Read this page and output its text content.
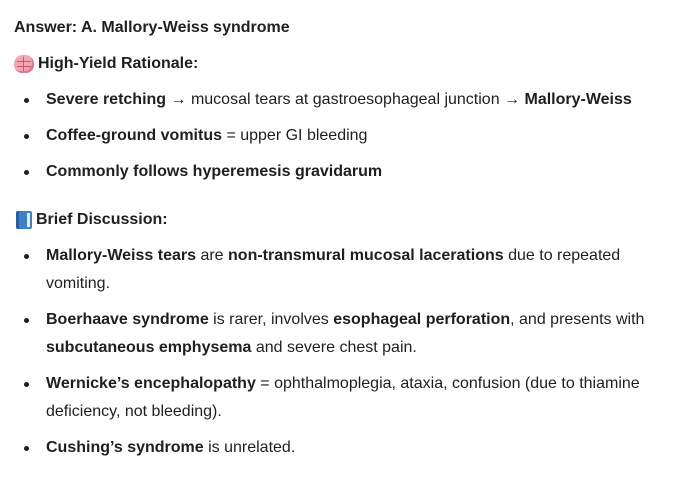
Answer: A. Mallory-Weiss syndrome
High-Yield Rationale:
Severe retching → mucosal tears at gastroesophageal junction → Mallory-Weiss
Coffee-ground vomitus = upper GI bleeding
Commonly follows hyperemesis gravidarum
Brief Discussion:
Mallory-Weiss tears are non-transmural mucosal lacerations due to repeated vomiting.
Boerhaave syndrome is rarer, involves esophageal perforation, and presents with subcutaneous emphysema and severe chest pain.
Wernicke’s encephalopathy = ophthalmoplegia, ataxia, confusion (due to thiamine deficiency, not bleeding).
Cushing’s syndrome is unrelated.
